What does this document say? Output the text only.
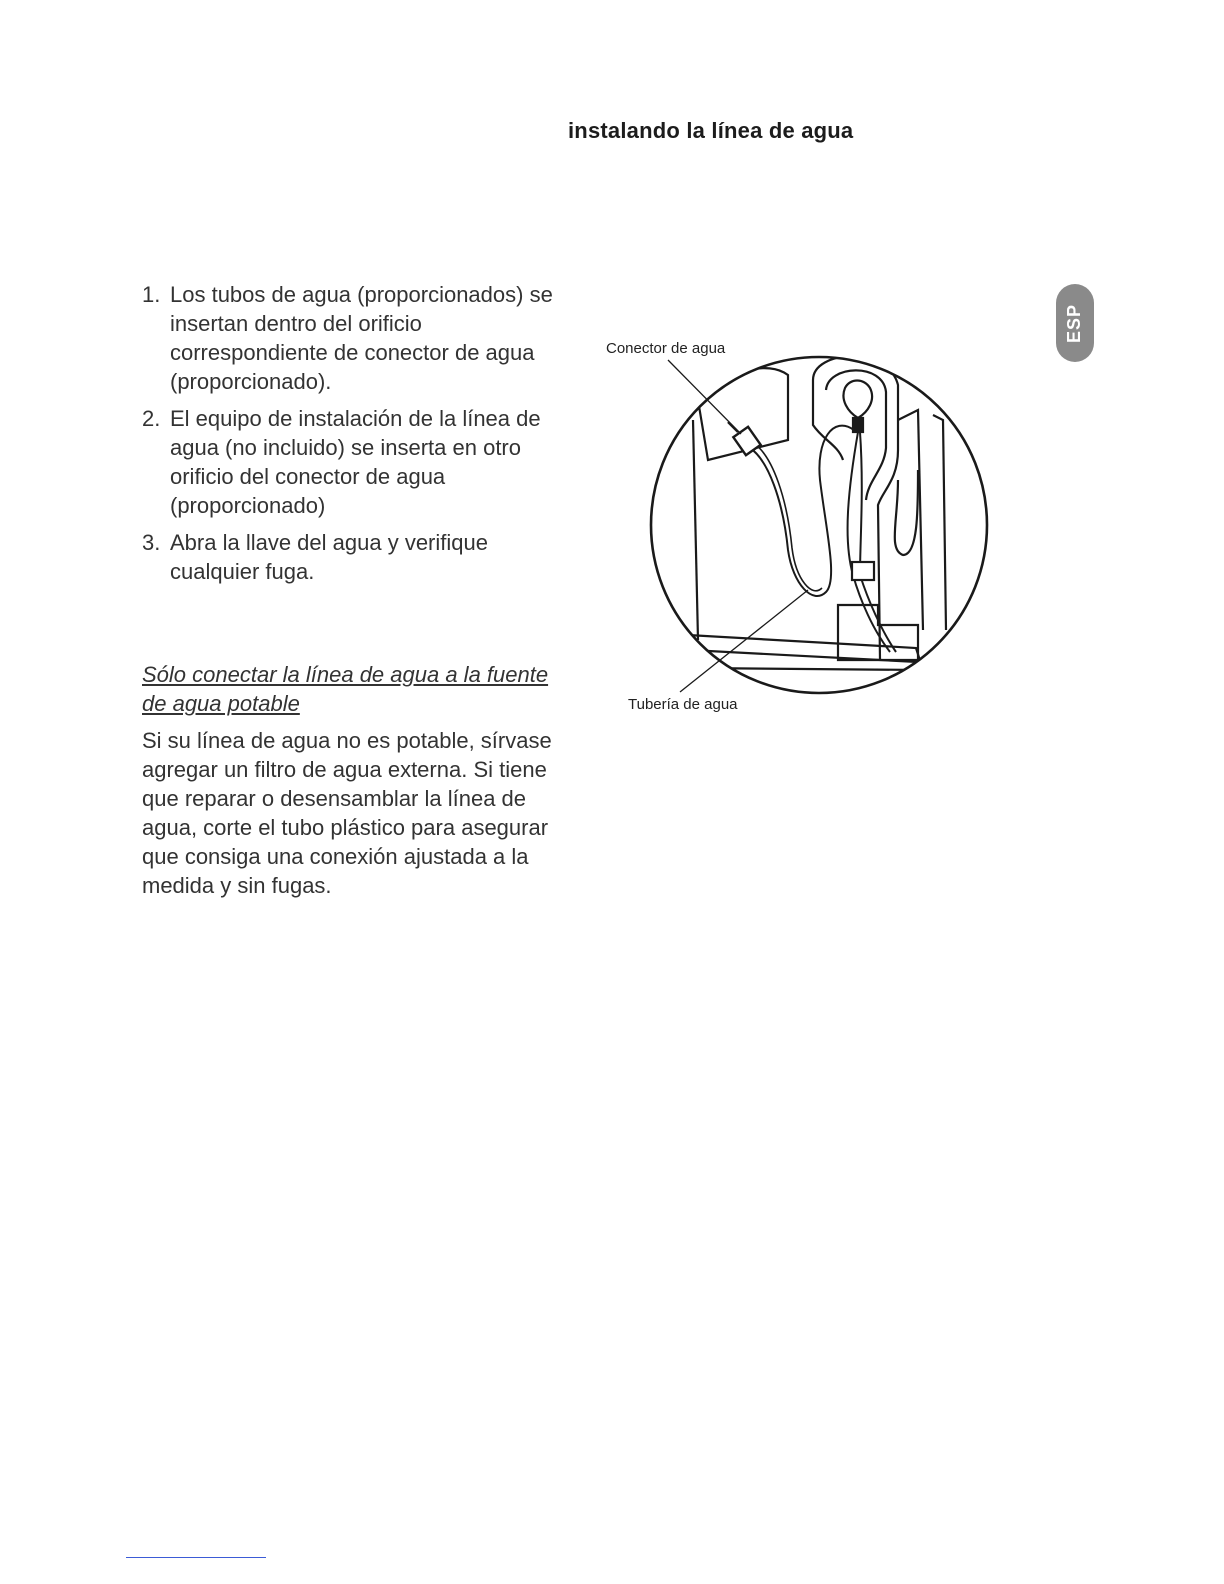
instalando la línea de agua
ESP
1. Los tubos de agua (proporcionados) se insertan dentro del orificio correspondiente de conector de agua (proporcionado).
2. El equipo de instalación de la línea de agua (no incluido) se inserta en otro orificio del conector de agua (proporcionado)
3. Abra la llave del agua y verifique cualquier fuga.
Sólo conectar la línea de agua a la fuente de agua potable

Si su línea de agua no es potable, sírvase agregar un filtro de agua externa. Si tiene que reparar o desensamblar la línea de agua, corte el tubo plástico para asegurar que consiga una conexión ajustada a la medida y sin fugas.

Conector de agua
Tubería de agua
